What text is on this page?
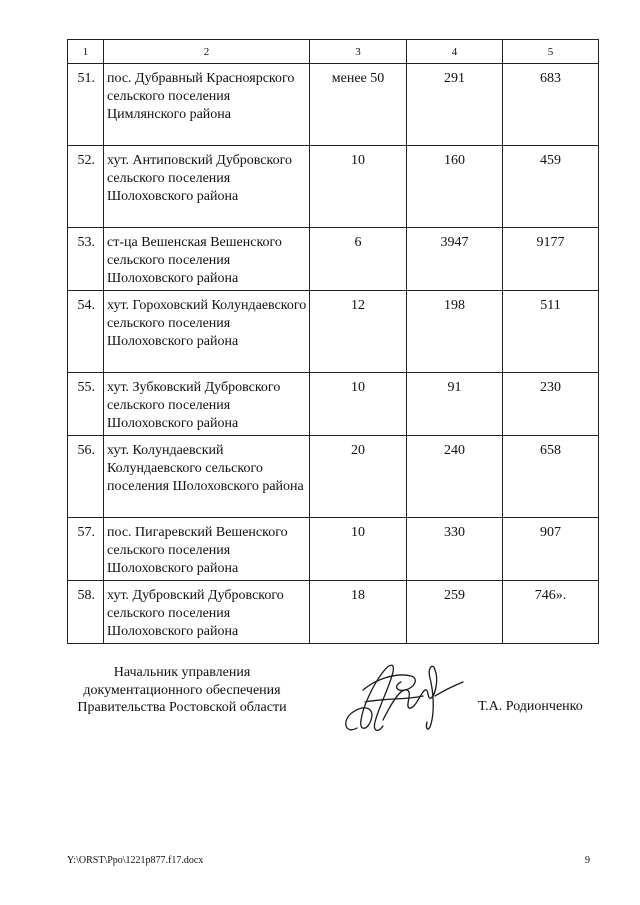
1	2	3	4	5
51.	пос. Дубравный Красноярского сельского поселения Цимлянского района	менее 50	291	683
52.	хут. Антиповский Дубровского сельского поселения Шолоховского района	10	160	459
53.	ст-ца Вешенская Вешенского сельского поселения Шолоховского района	6	3947	9177
54.	хут. Гороховский Колундаевского сельского поселения Шолоховского района	12	198	511
55.	хут. Зубковский Дубровского сельского поселения Шолоховского района	10	91	230
56.	хут. Колундаевский Колундаевского сельского поселения Шолоховского района	20	240	658
57.	пос. Пигаревский Вешенского сельского поселения Шолоховского района	10	330	907
58.	хут. Дубровский Дубровского сельского поселения Шолоховского района	18	259	746».
Начальник управления
документационного обеспечения
Правительства Ростовской области	Т.А. Родионченко
Y:\ORST\Ppo\1221p877.f17.docx	9
